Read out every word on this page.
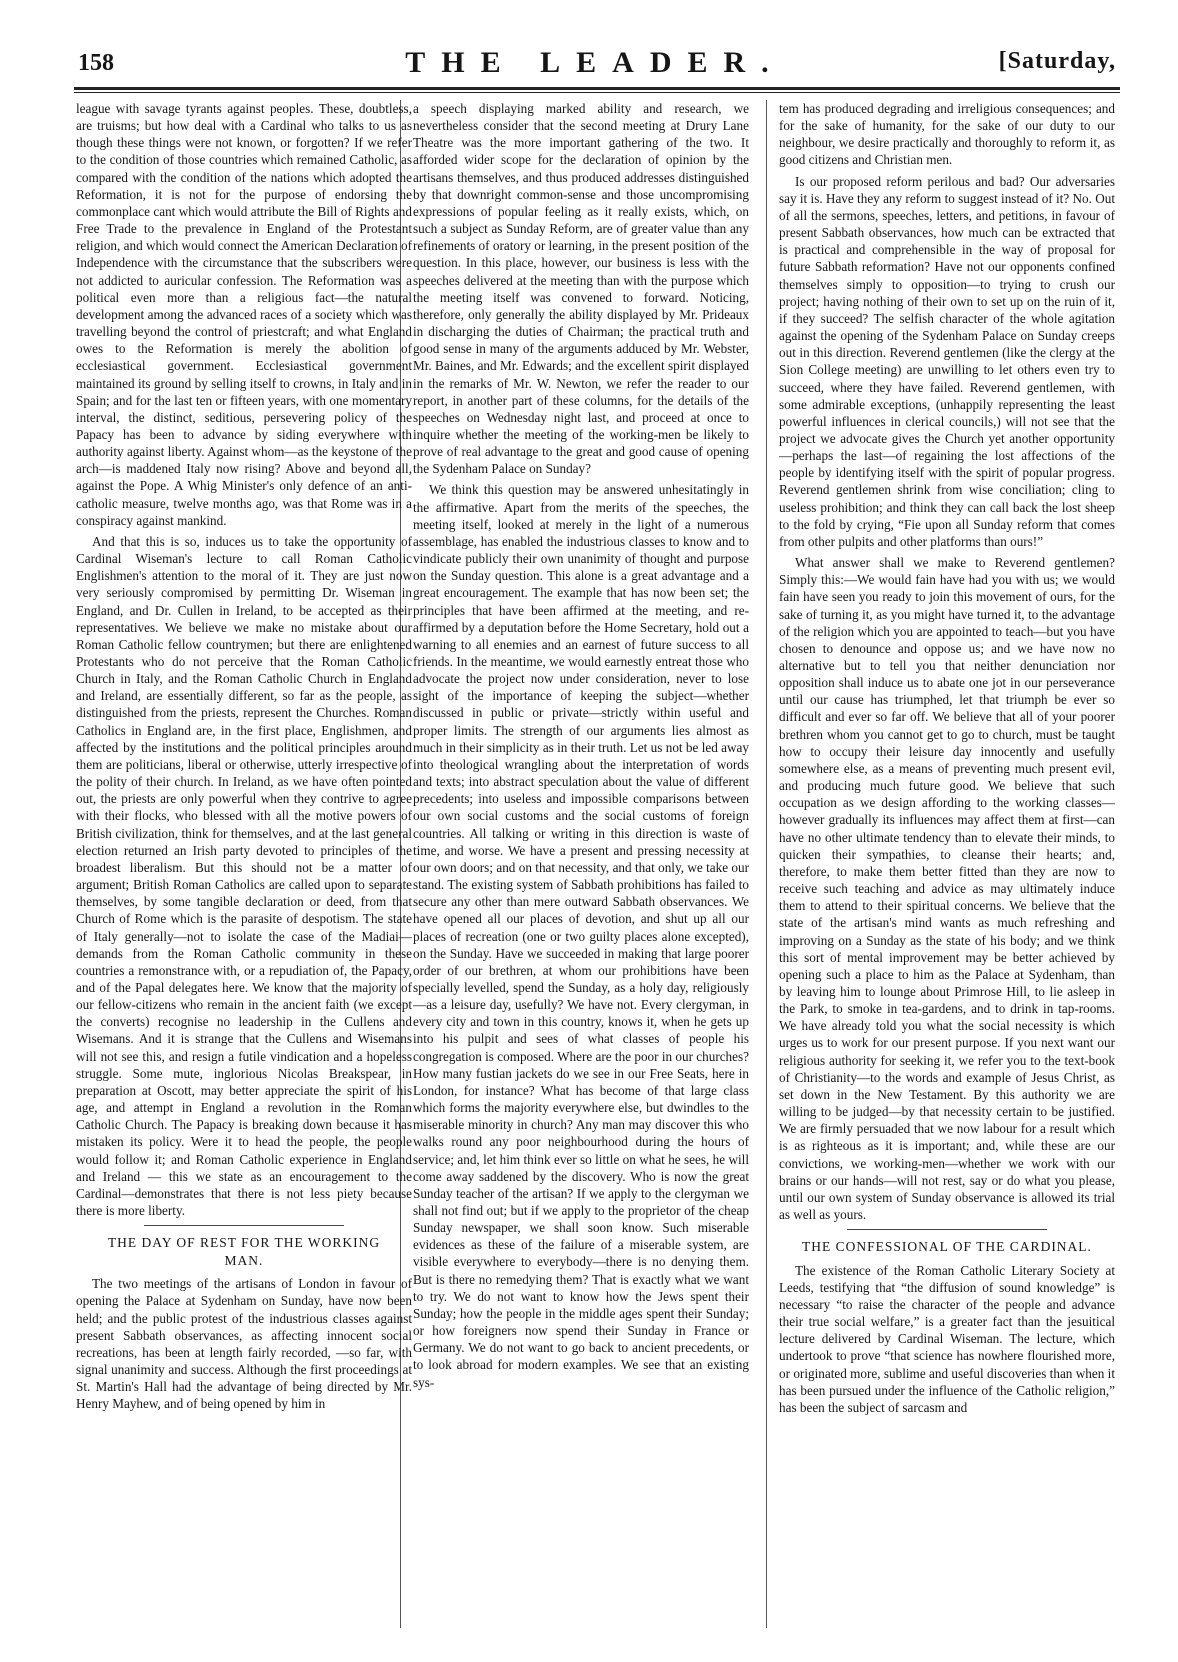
158	THE LEADER.	[Saturday,

league with savage tyrants against peoples. These, doubtless, are truisms; but how deal with a Cardinal who talks to us as though these things were not known, or forgotten? If we refer to the condition of those countries which remained Catholic, as compared with the condition of the nations which adopted the Reformation, it is not for the purpose of endorsing the commonplace cant which would attribute the Bill of Rights and Free Trade to the prevalence in England of the Protestant religion, and which would connect the American Declaration of Independence with the circumstance that the subscribers were not addicted to auricular confession. The Reformation was a political even more than a religious fact—the natural development among the advanced races of a society which was travelling beyond the control of priestcraft; and what England owes to the Reformation is merely the abolition of ecclesiastical government. Ecclesiastical government maintained its ground by selling itself to crowns, in Italy and in Spain; and for the last ten or fifteen years, with one momentary interval, the distinct, seditious, persevering policy of the Papacy has been to advance by siding everywhere with authority against liberty. Against whom—as the keystone of the arch—is maddened Italy now rising? Above and beyond all, against the Pope. A Whig Minister's only defence of an anti-catholic measure, twelve months ago, was that Rome was in a conspiracy against mankind.

And that this is so, induces us to take the opportunity of Cardinal Wiseman's lecture to call Roman Catholic Englishmen's attention to the moral of it. They are just now very seriously compromised by permitting Dr. Wiseman in England, and Dr. Cullen in Ireland, to be accepted as their representatives. We believe we make no mistake about our Roman Catholic fellow countrymen; but there are enlightened Protestants who do not perceive that the Roman Catholic Church in Italy, and the Roman Catholic Church in England and Ireland, are essentially different, so far as the people, as distinguished from the priests, represent the Churches. Roman Catholics in England are, in the first place, Englishmen, and affected by the institutions and the political principles around them are politicians, liberal or otherwise, utterly irrespective of the polity of their church. In Ireland, as we have often pointed out, the priests are only powerful when they contrive to agree with their flocks, who blessed with all the motive powers of British civilization, think for themselves, and at the last general election returned an Irish party devoted to principles of the broadest liberalism. But this should not be a matter of argument; British Roman Catholics are called upon to separate themselves, by some tangible declaration or deed, from that Church of Rome which is the parasite of despotism. The state of Italy generally—not to isolate the case of the Madiai—demands from the Roman Catholic community in these countries a remonstrance with, or a repudiation of, the Papacy, and of the Papal delegates here. We know that the majority of our fellow-citizens who remain in the ancient faith (we except the converts) recognise no leadership in the Cullens and Wisemans. And it is strange that the Cullens and Wisemans will not see this, and resign a futile vindication and a hopeless struggle. Some mute, inglorious Nicolas Breakspear, in preparation at Oscott, may better appreciate the spirit of his age, and attempt in England a revolution in the Roman Catholic Church. The Papacy is breaking down because it has mistaken its policy. Were it to head the people, the people would follow it; and Roman Catholic experience in England and Ireland — this we state as an encouragement to the Cardinal—demonstrates that there is not less piety because there is more liberty.

THE DAY OF REST FOR THE WORKING MAN.

The two meetings of the artisans of London in favour of opening the Palace at Sydenham on Sunday, have now been held; and the public protest of the industrious classes against present Sabbath observances, as affecting innocent social recreations, has been at length fairly recorded, —so far, with signal unanimity and success. Although the first proceedings at St. Martin's Hall had the advantage of being directed by Mr. Henry Mayhew, and of being opened by him in

a speech displaying marked ability and research, we nevertheless consider that the second meeting at Drury Lane Theatre was the more important gathering of the two. It afforded wider scope for the declaration of opinion by the artisans themselves, and thus produced addresses distinguished by that downright common-sense and those uncompromising expressions of popular feeling as it really exists, which, on such a subject as Sunday Reform, are of greater value than any refinements of oratory or learning, in the present position of the question. In this place, however, our business is less with the speeches delivered at the meeting than with the purpose which the meeting itself was convened to forward. Noticing, therefore, only generally the ability displayed by Mr. Prideaux in discharging the duties of Chairman; the practical truth and good sense in many of the arguments adduced by Mr. Webster, Mr. Baines, and Mr. Edwards; and the excellent spirit displayed in the remarks of Mr. W. Newton, we refer the reader to our report, in another part of these columns, for the details of the speeches on Wednesday night last, and proceed at once to inquire whether the meeting of the working-men be likely to prove of real advantage to the great and good cause of opening the Sydenham Palace on Sunday?

We think this question may be answered unhesitatingly in the affirmative. Apart from the merits of the speeches, the meeting itself, looked at merely in the light of a numerous assemblage, has enabled the industrious classes to know and to vindicate publicly their own unanimity of thought and purpose on the Sunday question. This alone is a great advantage and a great encouragement. The example that has now been set; the principles that have been affirmed at the meeting, and re-affirmed by a deputation before the Home Secretary, hold out a warning to all enemies and an earnest of future success to all friends. In the meantime, we would earnestly entreat those who advocate the project now under consideration, never to lose sight of the importance of keeping the subject—whether discussed in public or private—strictly within useful and proper limits. The strength of our arguments lies almost as much in their simplicity as in their truth. Let us not be led away into theological wrangling about the interpretation of words and texts; into abstract speculation about the value of different precedents; into useless and impossible comparisons between our own social customs and the social customs of foreign countries. All talking or writing in this direction is waste of time, and worse. We have a present and pressing necessity at our own doors; and on that necessity, and that only, we take our stand. The existing system of Sabbath prohibitions has failed to secure any other than mere outward Sabbath observances. We have opened all our places of devotion, and shut up all our places of recreation (one or two guilty places alone excepted), on the Sunday. Have we succeeded in making that large poorer order of our brethren, at whom our prohibitions have been specially levelled, spend the Sunday, as a holy day, religiously—as a leisure day, usefully? We have not. Every clergyman, in every city and town in this country, knows it, when he gets up into his pulpit and sees of what classes of people his congregation is composed. Where are the poor in our churches? How many fustian jackets do we see in our Free Seats, here in London, for instance? What has become of that large class which forms the majority everywhere else, but dwindles to the miserable minority in church? Any man may discover this who walks round any poor neighbourhood during the hours of service; and, let him think ever so little on what he sees, he will come away saddened by the discovery. Who is now the great Sunday teacher of the artisan? If we apply to the clergyman we shall not find out; but if we apply to the proprietor of the cheap Sunday newspaper, we shall soon know. Such miserable evidences as these of the failure of a miserable system, are visible everywhere to everybody—there is no denying them. But is there no remedying them? That is exactly what we want to try. We do not want to know how the Jews spent their Sunday; how the people in the middle ages spent their Sunday; or how foreigners now spend their Sunday in France or Germany. We do not want to go back to ancient precedents, or to look abroad for modern examples. We see that an existing sys-

tem has produced degrading and irreligious consequences; and for the sake of humanity, for the sake of our duty to our neighbour, we desire practically and thoroughly to reform it, as good citizens and Christian men.

Is our proposed reform perilous and bad? Our adversaries say it is. Have they any reform to suggest instead of it? No. Out of all the sermons, speeches, letters, and petitions, in favour of present Sabbath observances, how much can be extracted that is practical and comprehensible in the way of proposal for future Sabbath reformation? Have not our opponents confined themselves simply to opposition—to trying to crush our project; having nothing of their own to set up on the ruin of it, if they succeed? The selfish character of the whole agitation against the opening of the Sydenham Palace on Sunday creeps out in this direction. Reverend gentlemen (like the clergy at the Sion College meeting) are unwilling to let others even try to succeed, where they have failed. Reverend gentlemen, with some admirable exceptions, (unhappily representing the least powerful influences in clerical councils,) will not see that the project we advocate gives the Church yet another opportunity—perhaps the last—of regaining the lost affections of the people by identifying itself with the spirit of popular progress. Reverend gentlemen shrink from wise conciliation; cling to useless prohibition; and think they can call back the lost sheep to the fold by crying, “Fie upon all Sunday reform that comes from other pulpits and other platforms than ours!”

What answer shall we make to Reverend gentlemen? Simply this:—We would fain have had you with us; we would fain have seen you ready to join this movement of ours, for the sake of turning it, as you might have turned it, to the advantage of the religion which you are appointed to teach—but you have chosen to denounce and oppose us; and we have now no alternative but to tell you that neither denunciation nor opposition shall induce us to abate one jot in our perseverance until our cause has triumphed, let that triumph be ever so difficult and ever so far off. We believe that all of your poorer brethren whom you cannot get to go to church, must be taught how to occupy their leisure day innocently and usefully somewhere else, as a means of preventing much present evil, and producing much future good. We believe that such occupation as we design affording to the working classes—however gradually its influences may affect them at first—can have no other ultimate tendency than to elevate their minds, to quicken their sympathies, to cleanse their hearts; and, therefore, to make them better fitted than they are now to receive such teaching and advice as may ultimately induce them to attend to their spiritual concerns. We believe that the state of the artisan's mind wants as much refreshing and improving on a Sunday as the state of his body; and we think this sort of mental improvement may be better achieved by opening such a place to him as the Palace at Sydenham, than by leaving him to lounge about Primrose Hill, to lie asleep in the Park, to smoke in tea-gardens, and to drink in tap-rooms. We have already told you what the social necessity is which urges us to work for our present purpose. If you next want our religious authority for seeking it, we refer you to the text-book of Christianity—to the words and example of Jesus Christ, as set down in the New Testament. By this authority we are willing to be judged—by that necessity certain to be justified. We are firmly persuaded that we now labour for a result which is as righteous as it is important; and, while these are our convictions, we working-men—whether we work with our brains or our hands—will not rest, say or do what you please, until our own system of Sunday observance is allowed its trial as well as yours.

THE CONFESSIONAL OF THE CARDINAL.

The existence of the Roman Catholic Literary Society at Leeds, testifying that “the diffusion of sound knowledge” is necessary “to raise the character of the people and advance their true social welfare,” is a greater fact than the jesuitical lecture delivered by Cardinal Wiseman. The lecture, which undertook to prove “that science has nowhere flourished more, or originated more, sublime and useful discoveries than when it has been pursued under the influence of the Catholic religion,” has been the subject of sarcasm and
